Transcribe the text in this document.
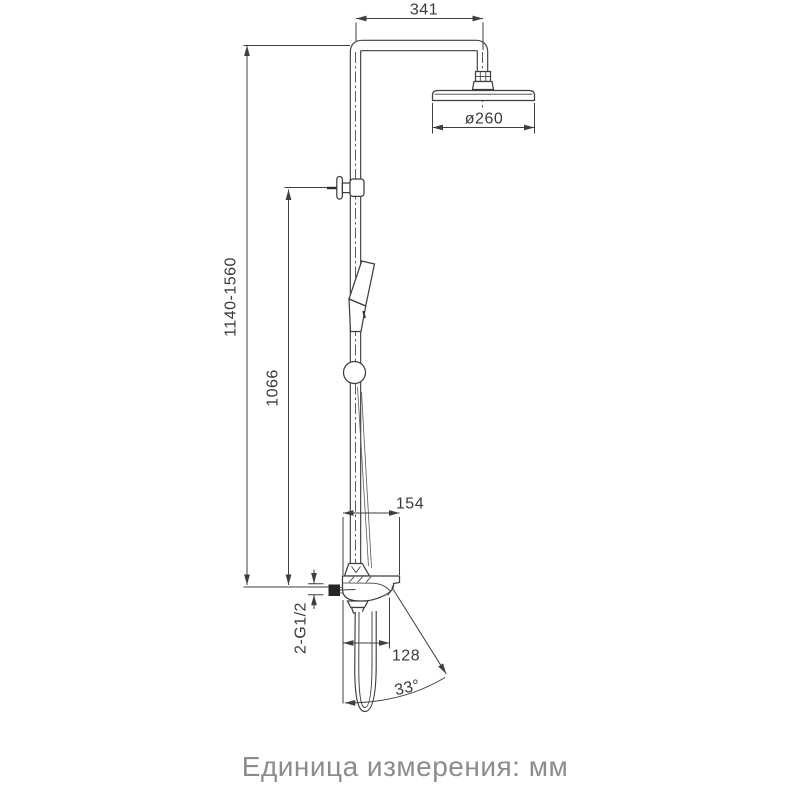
341
ø260
1140-1560
1066
154
2-G1/2
128
33°
Единица измерения: мм
